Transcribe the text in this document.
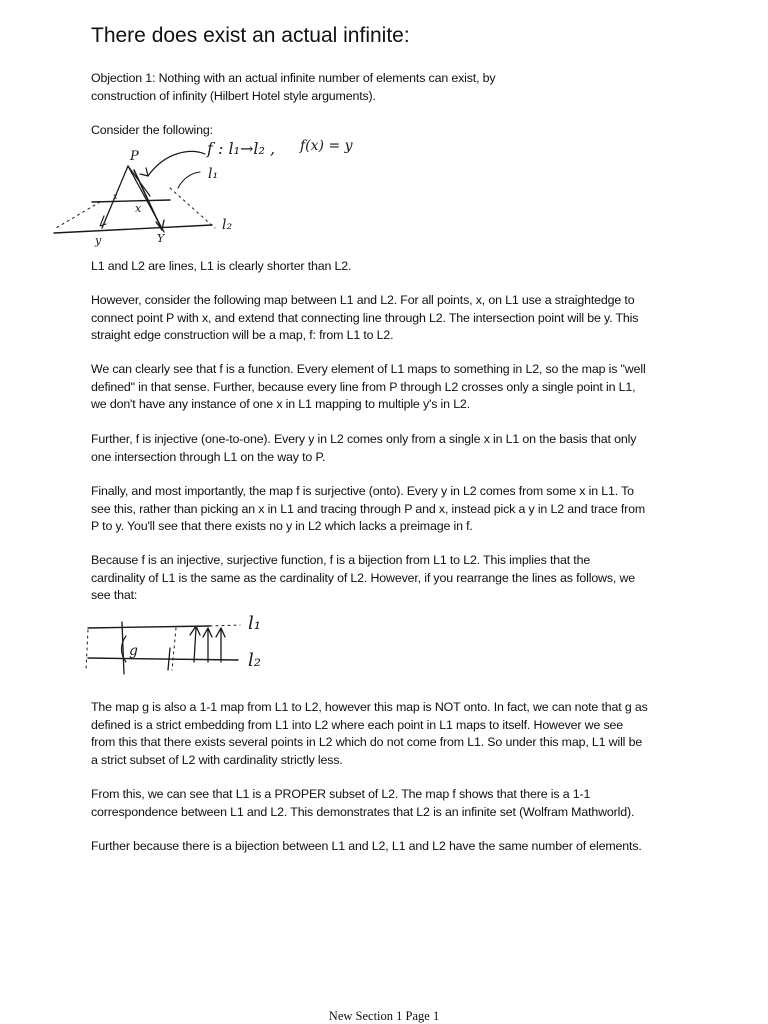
There does exist an actual infinite:

Objection 1: Nothing with an actual infinite number of elements can exist, by
construction of infinity (Hilbert Hotel style arguments).

Consider the following:

f : l₁→l₂ , f(x) = y
P
l₁
l₂
x
x
y	Y

L1 and L2 are lines, L1 is clearly shorter than L2.

However, consider the following map between L1 and L2. For all points, x, on L1 use a straightedge to
connect point P with x, and extend that connecting line through L2. The intersection point will be y. This
straight edge construction will be a map, f: from L1 to L2.

We can clearly see that f is a function. Every element of L1 maps to something in L2, so the map is "well
defined" in that sense. Further, because every line from P through L2 crosses only a single point in L1,
we don't have any instance of one x in L1 mapping to multiple y's in L2.

Further, f is injective (one-to-one). Every y in L2 comes only from a single x in L1 on the basis that only
one intersection through L1 on the way to P.

Finally, and most importantly, the map f is surjective (onto). Every y in L2 comes from some x in L1. To
see this, rather than picking an x in L1 and tracing through P and x, instead pick a y in L2 and trace from
P to y. You'll see that there exists no y in L2 which lacks a preimage in f.

Because f is an injective, surjective function, f is a bijection from L1 to L2. This implies that the
cardinality of L1 is the same as the cardinality of L2. However, if you rearrange the lines as follows, we
see that:

g
l₁
l₂

The map g is also a 1-1 map from L1 to L2, however this map is NOT onto. In fact, we can note that g as
defined is a strict embedding from L1 into L2 where each point in L1 maps to itself. However we see
from this that there exists several points in L2 which do not come from L1. So under this map, L1 will be
a strict subset of L2 with cardinality strictly less.

From this, we can see that L1 is a PROPER subset of L2. The map f shows that there is a 1-1
correspondence between L1 and L2. This demonstrates that L2 is an infinite set (Wolfram Mathworld).

Further because there is a bijection between L1 and L2, L1 and L2 have the same number of elements.

New Section 1 Page 1
